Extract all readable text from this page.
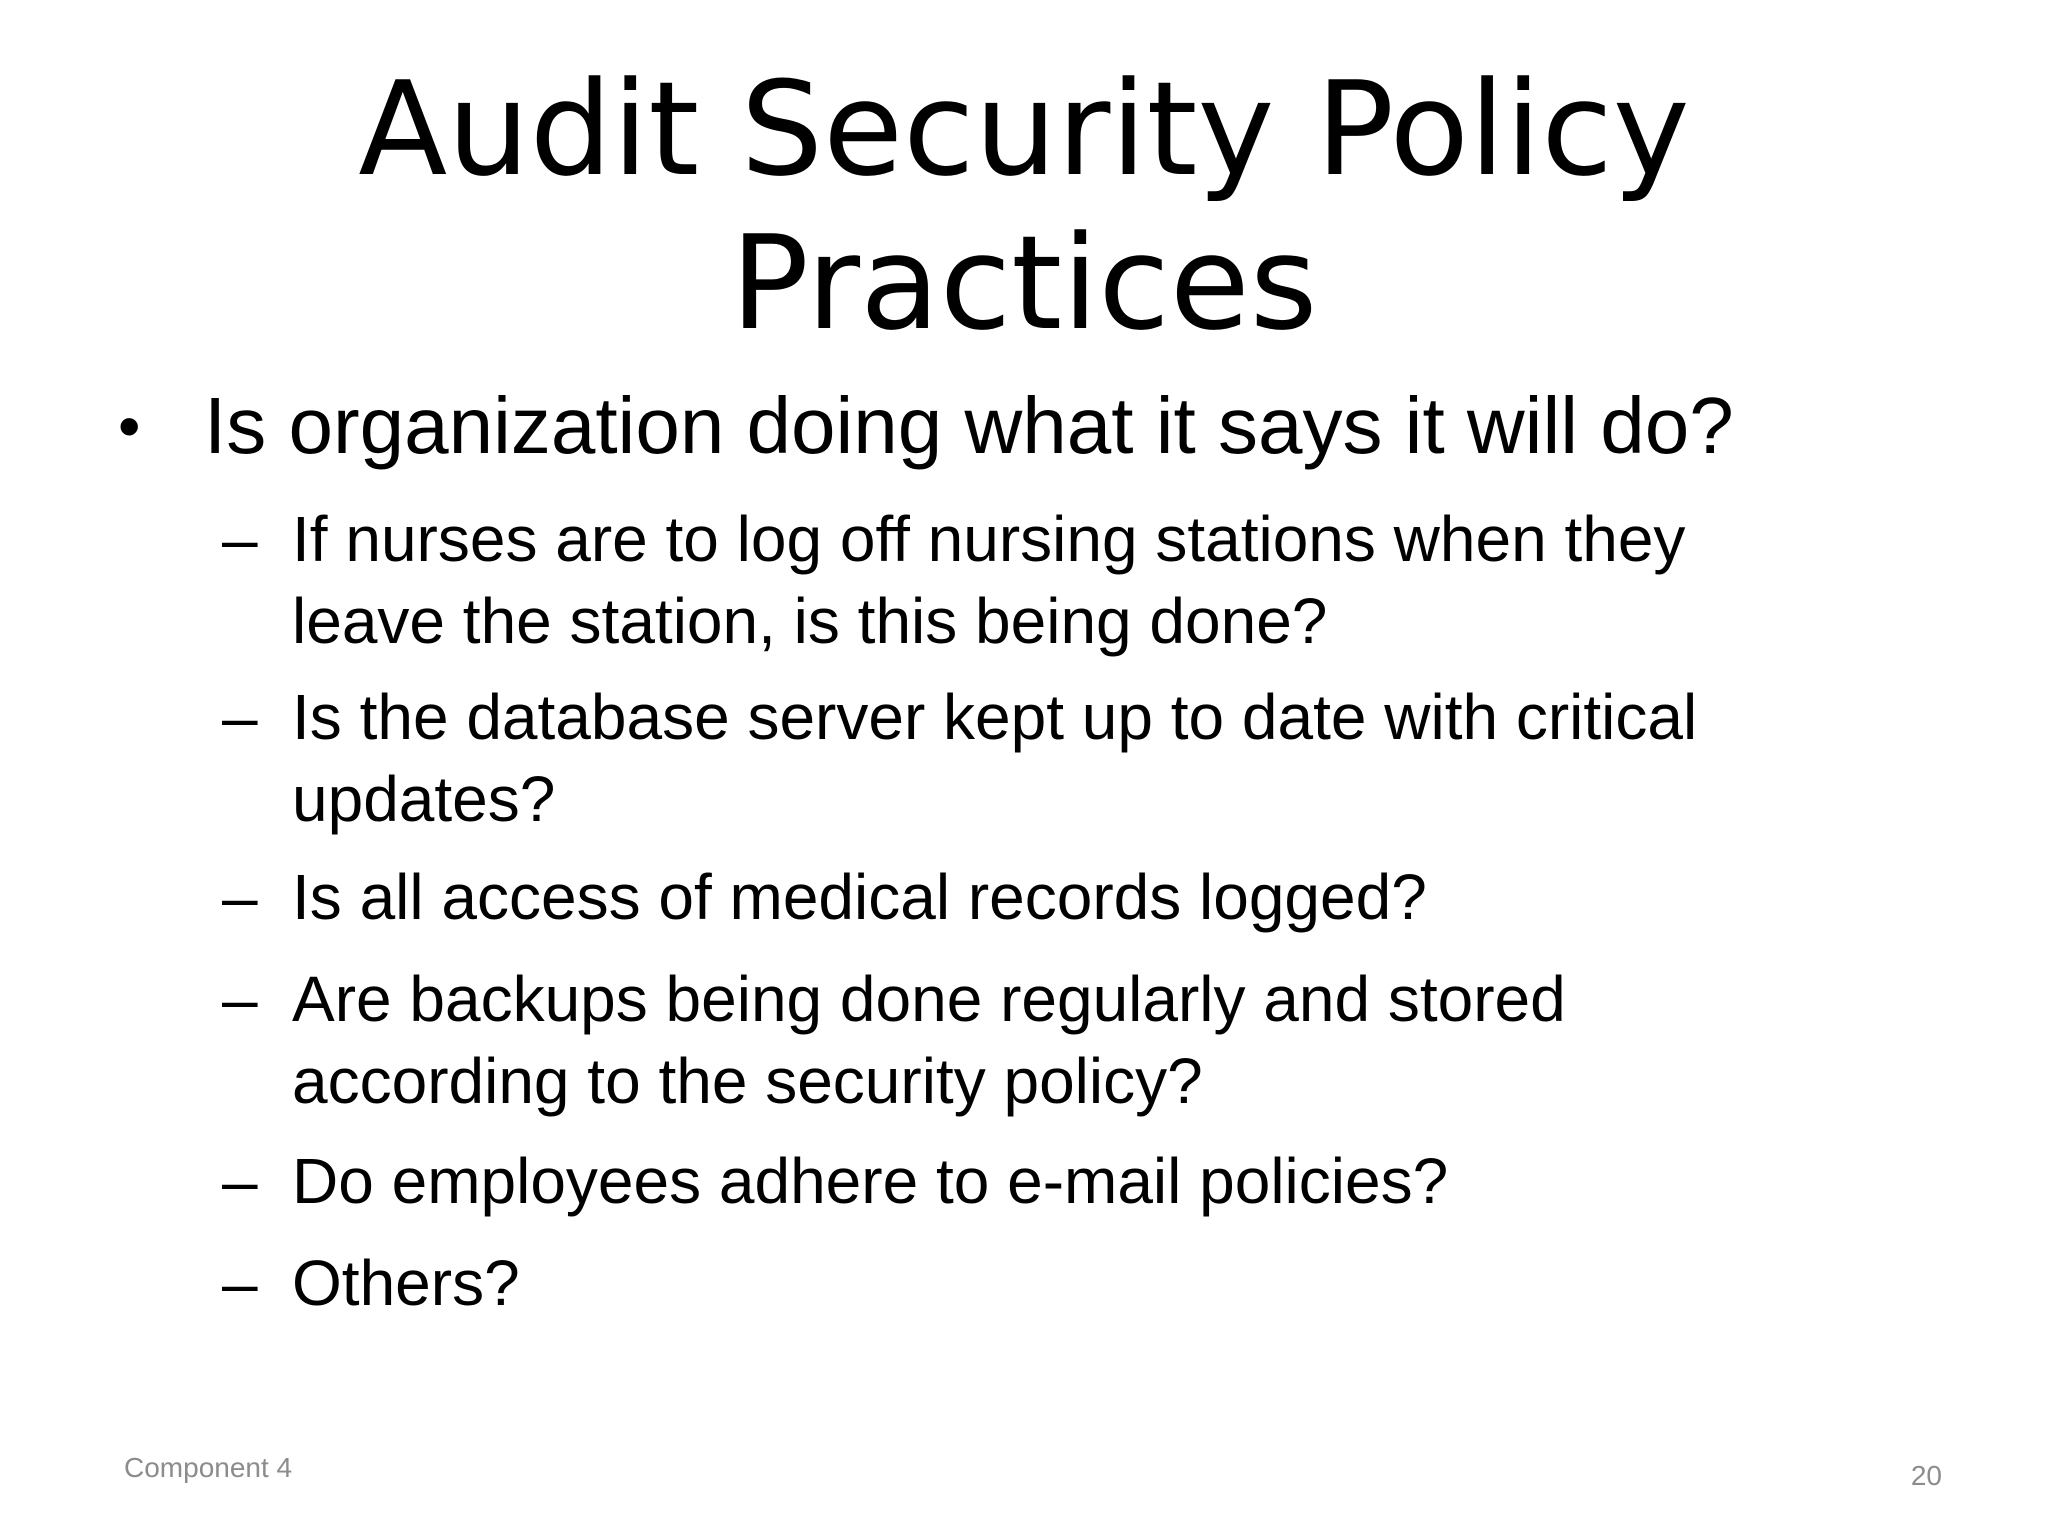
Audit Security Policy
Practices
• Is organization doing what it says it will do?
– If nurses are to log off nursing stations when they leave the station, is this being done?
– Is the database server kept up to date with critical updates?
– Is all access of medical records logged?
– Are backups being done regularly and stored according to the security policy?
– Do employees adhere to e-mail policies?
– Others?
Component 4	20
